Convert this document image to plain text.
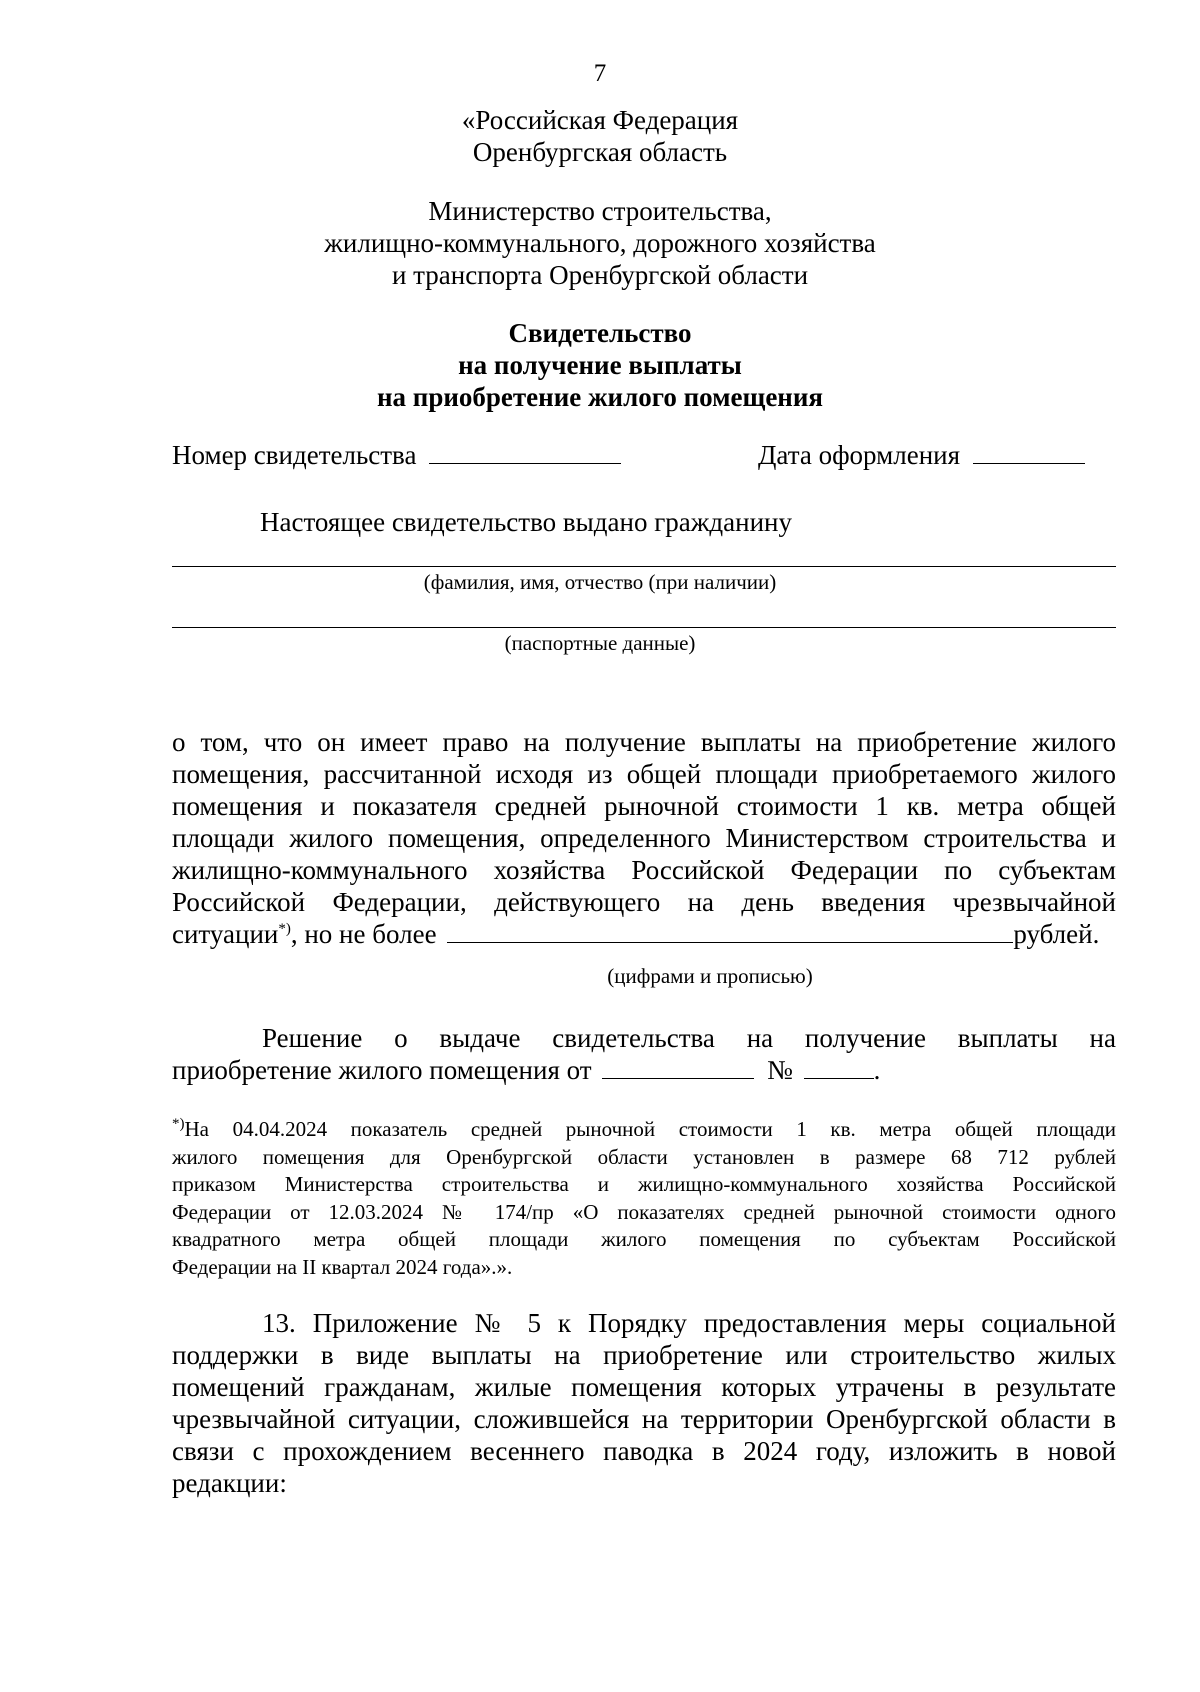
7
«Российская Федерация
Оренбургская область
Министерство строительства,
жилищно-коммунального, дорожного хозяйства
и транспорта Оренбургской области
Свидетельство
на получение выплаты
на приобретение жилого помещения
Номер свидетельства	Дата оформления
Настоящее свидетельство выдано гражданину
(фамилия, имя, отчество (при наличии)
(паспортные данные)
о том, что он имеет право на получение выплаты на приобретение жилого
помещения, рассчитанной исходя из общей площади приобретаемого жилого
помещения и показателя средней рыночной стоимости 1 кв. метра общей
площади жилого помещения, определенного Министерством строительства и
жилищно-коммунального хозяйства Российской Федерации по субъектам
Российской Федерации, действующего на день введения чрезвычайной
ситуации*), но не более	рублей.
(цифрами и прописью)
Решение о выдаче свидетельства на получение выплаты на
приобретение жилого помещения от	№	.
*)На 04.04.2024 показатель средней рыночной стоимости 1 кв. метра общей площади
жилого помещения для Оренбургской области установлен в размере 68 712 рублей
приказом Министерства строительства и жилищно-коммунального хозяйства Российской
Федерации от 12.03.2024 № 174/пр «О показателях средней рыночной стоимости одного
квадратного метра общей площади жилого помещения по субъектам Российской
Федерации на II квартал 2024 года».».
13. Приложение № 5 к Порядку предоставления меры социальной
поддержки в виде выплаты на приобретение или строительство жилых
помещений гражданам, жилые помещения которых утрачены в результате
чрезвычайной ситуации, сложившейся на территории Оренбургской области в
связи с прохождением весеннего паводка в 2024 году, изложить в новой
редакции:
